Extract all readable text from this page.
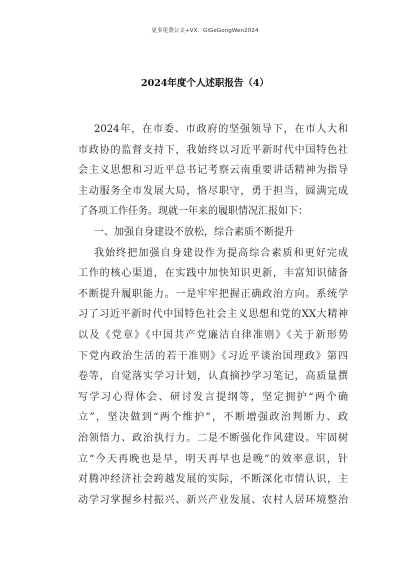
更多免费公文+VX：GlGeGongWen2024
2024年度个人述职报告（4）
2024年，在市委、市政府的坚强领导下，在市人大和
市政协的监督支持下，我始终以习近平新时代中国特色社
会主义思想和习近平总书记考察云南重要讲话精神为指导
主动服务全市发展大局，恪尽职守，勇于担当，圆满完成
了各项工作任务。现就一年来的履职情况汇报如下：
一、加强自身建设不放松，综合素质不断提升
我始终把加强自身建设作为提高综合素质和更好完成
工作的核心渠道，在实践中加快知识更新，丰富知识储备
不断提升履职能力。一是牢牢把握正确政治方向。系统学
习了习近平新时代中国特色社会主义思想和党的XX大精神
以及《党章》《中国共产党廉洁自律准则》《关于新形势
下党内政治生活的若干准则》《习近平谈治国理政》第四
卷等，自觉落实学习计划，认真摘抄学习笔记，高质量撰
写学习心得体会、研讨发言提纲等，坚定拥护“两个确
立”，坚决做到“两个维护”，不断增强政治判断力、政
治领悟力、政治执行力。二是不断强化作风建设。牢固树
立“今天再晚也是早，明天再早也是晚”的效率意识，针
对腾冲经济社会跨越发展的实际，不断深化市情认识，主
动学习掌握乡村振兴、新兴产业发展、农村人居环境整治
